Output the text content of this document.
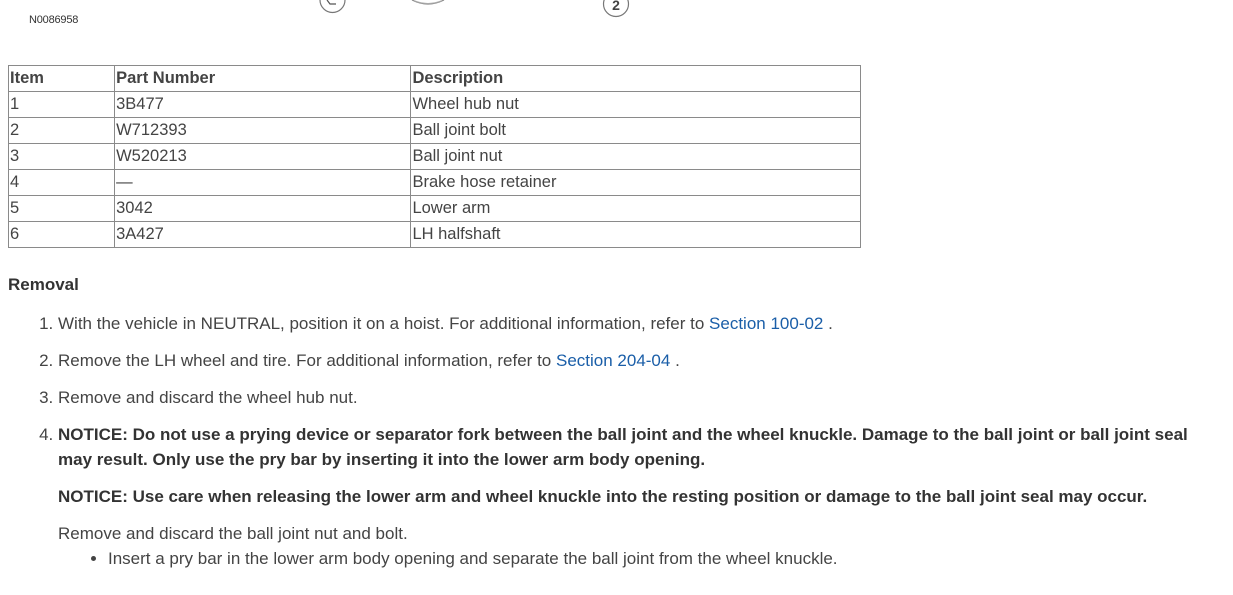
2
N0086958
Item	Part Number	Description
1	3B477	Wheel hub nut
2	W712393	Ball joint bolt
3	W520213	Ball joint nut
4	—	Brake hose retainer
5	3042	Lower arm
6	3A427	LH halfshaft
Removal
1. With the vehicle in NEUTRAL, position it on a hoist. For additional information, refer to Section 100-02 .
2. Remove the LH wheel and tire. For additional information, refer to Section 204-04 .
3. Remove and discard the wheel hub nut.

4. NOTICE: Do not use a prying device or separator fork between the ball joint and the wheel knuckle. Damage to the ball joint or ball joint seal may result. Only use the pry bar by inserting it into the lower arm body opening.

NOTICE: Use care when releasing the lower arm and wheel knuckle into the resting position or damage to the ball joint seal may occur.

Remove and discard the ball joint nut and bolt.

• Insert a pry bar in the lower arm body opening and separate the ball joint from the wheel knuckle.
